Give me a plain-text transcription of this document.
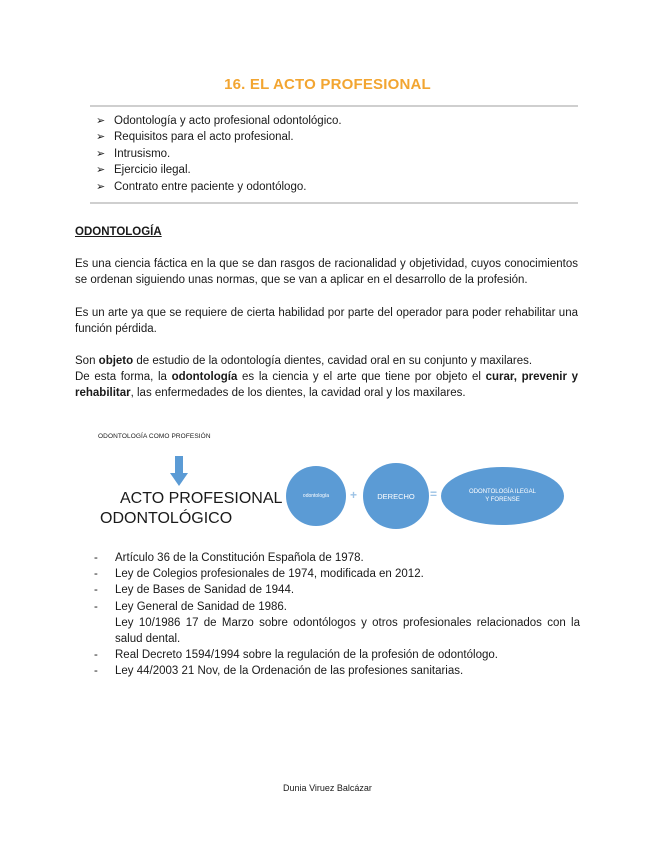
16. EL ACTO PROFESIONAL
➢ Odontología y acto profesional odontológico.
➢ Requisitos para el acto profesional.
➢ Intrusismo.
➢ Ejercicio ilegal.
➢ Contrato entre paciente y odontólogo.
ODONTOLOGÍA

Es una ciencia fáctica en la que se dan rasgos de racionalidad y objetividad, cuyos conocimientos se ordenan siguiendo unas normas, que se van a aplicar en el desarrollo de la profesión.

Es un arte ya que se requiere de cierta habilidad por parte del operador para poder rehabilitar una función pérdida.

Son objeto de estudio de la odontología dientes, cavidad oral en su conjunto y maxilares.

De esta forma, la odontología es la ciencia y el arte que tiene por objeto el curar, prevenir y rehabilitar, las enfermedades de los dientes, la cavidad oral y los maxilares.

ODONTOLOGÍA COMO PROFESIÓN
ACTO PROFESIONAL
ODONTOLÓGICO
odontología +	DERECHO =	ODONTOLOGÍA ILEGAL
Y FORENSE
-	Artículo 36 de la Constitución Española de 1978.
-	Ley de Colegios profesionales de 1974, modificada en 2012.
-	Ley de Bases de Sanidad de 1944.
-	Ley General de Sanidad de 1986.
Ley 10/1986 17 de Marzo sobre odontólogos y otros profesionales relacionados con la salud dental.
-	Real Decreto 1594/1994 sobre la regulación de la profesión de odontólogo.
-	Ley 44/2003 21 Nov, de la Ordenación de las profesiones sanitarias.
Dunia Viruez Balcázar
